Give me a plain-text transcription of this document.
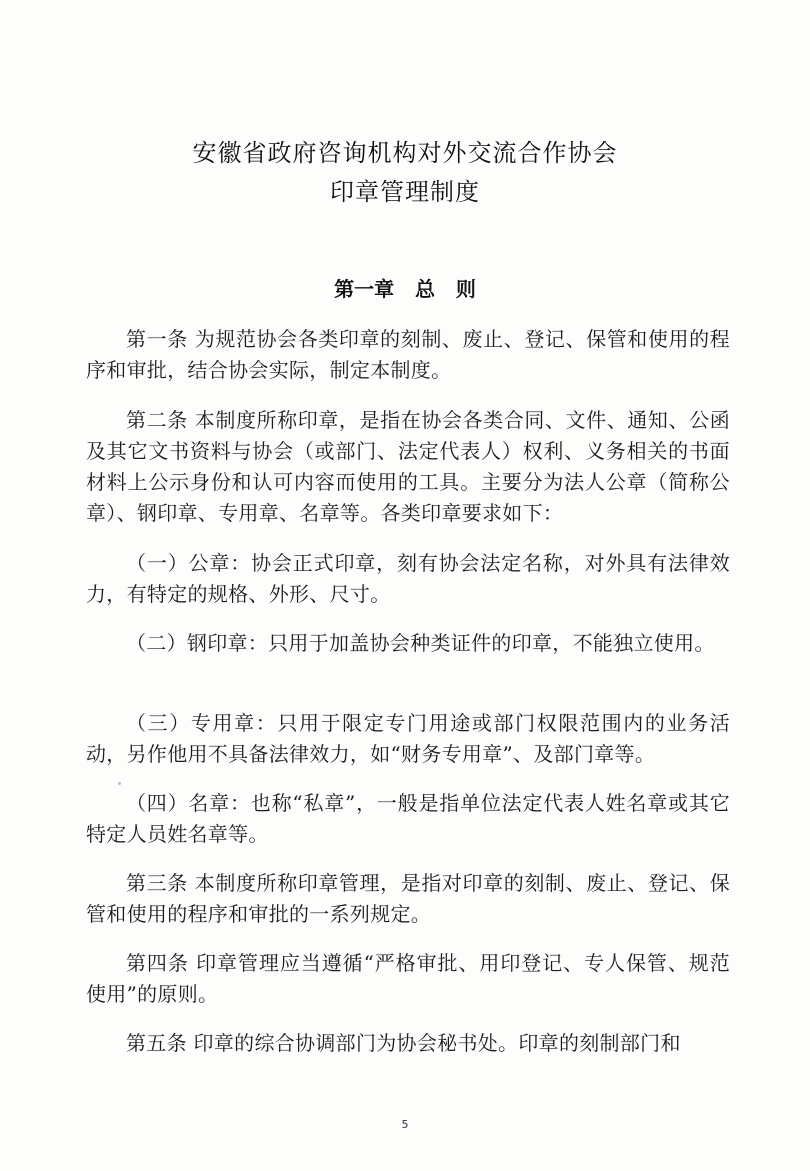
安徽省政府咨询机构对外交流合作协会
印章管理制度
第一章   总   则
第一条 为规范协会各类印章的刻制、废止、登记、保管和使用的程序和审批，结合协会实际，制定本制度。
第二条 本制度所称印章，是指在协会各类合同、文件、通知、公函及其它文书资料与协会（或部门、法定代表人）权利、义务相关的书面材料上公示身份和认可内容而使用的工具。主要分为法人公章（简称公章）、钢印章、专用章、名章等。各类印章要求如下：
（一）公章：协会正式印章，刻有协会法定名称，对外具有法律效力，有特定的规格、外形、尺寸。
（二）钢印章：只用于加盖协会种类证件的印章，不能独立使用。
（三）专用章：只用于限定专门用途或部门权限范围内的业务活动，另作他用不具备法律效力，如“财务专用章”、及部门章等。
（四）名章：也称“私章”，一般是指单位法定代表人姓名章或其它特定人员姓名章等。
第三条 本制度所称印章管理，是指对印章的刻制、废止、登记、保管和使用的程序和审批的一系列规定。
第四条 印章管理应当遵循“严格审批、用印登记、专人保管、规范使用”的原则。
第五条 印章的综合协调部门为协会秘书处。印章的刻制部门和
5
